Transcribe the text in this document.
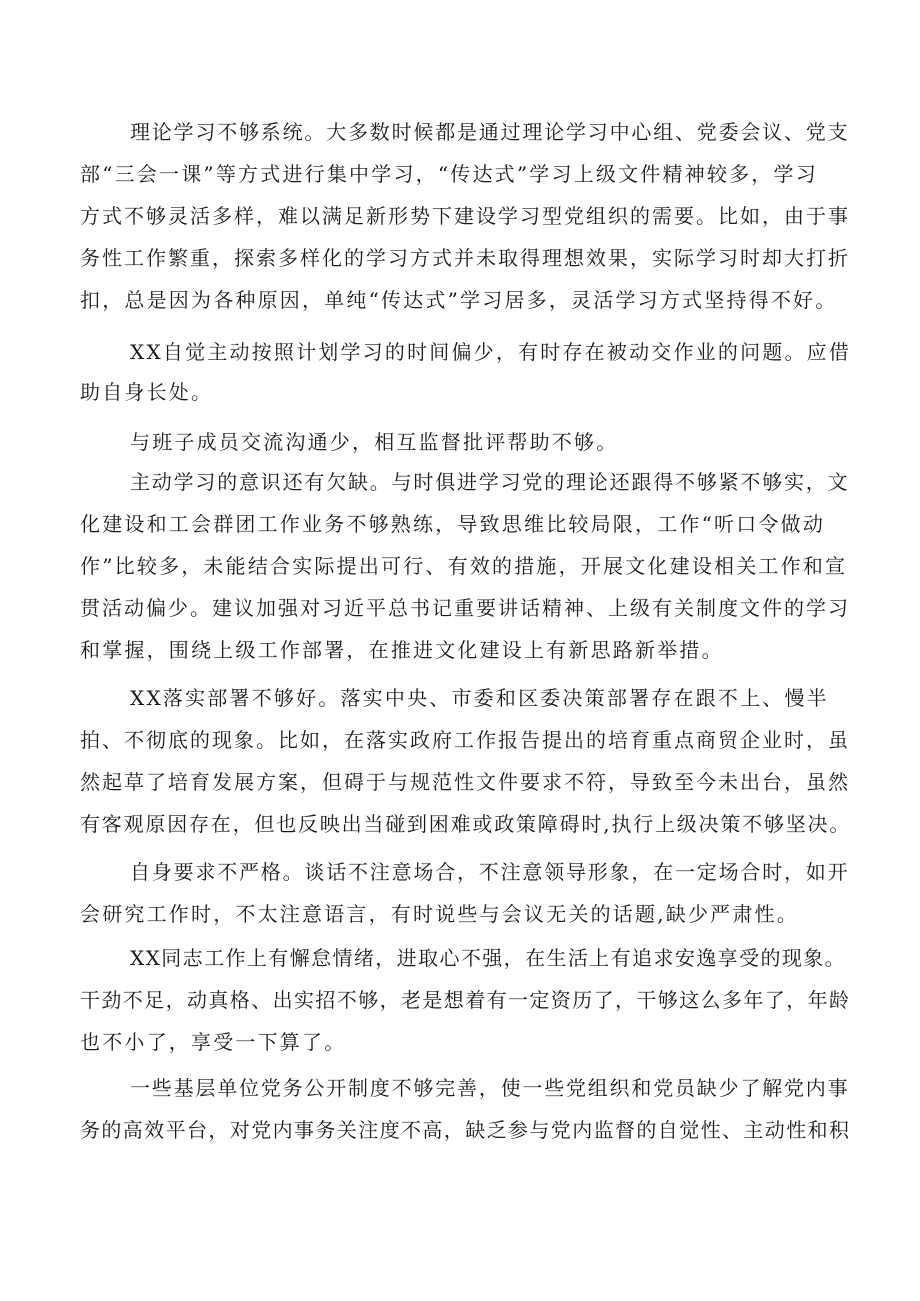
理论学习不够系统。大多数时候都是通过理论学习中心组、党委会议、党支

部“三会一课”等方式进行集中学习，“传达式”学习上级文件精神较多，学习

方式不够灵活多样，难以满足新形势下建设学习型党组织的需要。比如，由于事

务性工作繁重，探索多样化的学习方式并未取得理想效果，实际学习时却大打折

扣，总是因为各种原因，单纯“传达式”学习居多，灵活学习方式坚持得不好。

XX自觉主动按照计划学习的时间偏少，有时存在被动交作业的问题。应借

助自身长处。

与班子成员交流沟通少，相互监督批评帮助不够。

主动学习的意识还有欠缺。与时俱进学习党的理论还跟得不够紧不够实，文

化建设和工会群团工作业务不够熟练，导致思维比较局限，工作“听口令做动

作”比较多，未能结合实际提出可行、有效的措施，开展文化建设相关工作和宣

贯活动偏少。建议加强对习近平总书记重要讲话精神、上级有关制度文件的学习

和掌握，围绕上级工作部署，在推进文化建设上有新思路新举措。

XX落实部署不够好。落实中央、市委和区委决策部署存在跟不上、慢半

拍、不彻底的现象。比如，在落实政府工作报告提出的培育重点商贸企业时，虽

然起草了培育发展方案，但碍于与规范性文件要求不符，导致至今未出台，虽然

有客观原因存在，但也反映出当碰到困难或政策障碍时,执行上级决策不够坚决。

自身要求不严格。谈话不注意场合，不注意领导形象，在一定场合时，如开

会研究工作时，不太注意语言，有时说些与会议无关的话题,缺少严肃性。

XX同志工作上有懈怠情绪，进取心不强，在生活上有追求安逸享受的现象。

干劲不足，动真格、出实招不够，老是想着有一定资历了，干够这么多年了，年龄

也不小了，享受一下算了。

一些基层单位党务公开制度不够完善，使一些党组织和党员缺少了解党内事

务的高效平台，对党内事务关注度不高，缺乏参与党内监督的自觉性、主动性和积
